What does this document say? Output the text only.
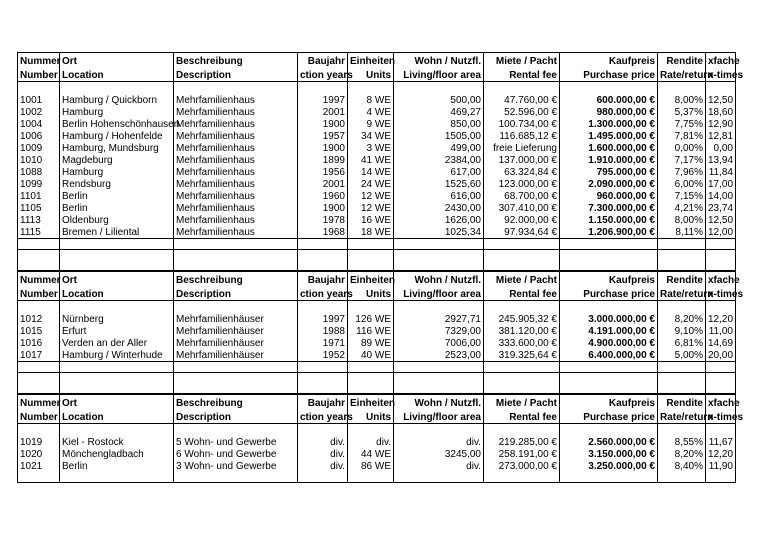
Nummer	Ort	Beschreibung	Baujahr	Einheiten	Wohn / Nutzfl.	Miete / Pacht	Kaufpreis	Rendite	xfache
Number	Location	Description	ction years	Units	Living/floor area	Rental fee	Purchase price	Rate/return	x-times

1001	Hamburg / Quickborn	Mehrfamilienhaus	1997	8 WE	500,00	47.760,00 €	600.000,00 €	8,00%	12,50
1002	Hamburg	Mehrfamilienhaus	2001	4 WE	469,27	52.596,00 €	980.000,00 €	5,37%	18,60
1004	Berlin Hohenschönhausen	Mehrfamilienhaus	1900	9 WE	850,00	100.734,00 €	1.300.000,00 €	7,75%	12,90
1006	Hamburg / Hohenfelde	Mehrfamilienhaus	1957	34 WE	1505,00	116.685,12 €	1.495.000,00 €	7,81%	12,81
1009	Hamburg, Mundsburg	Mehrfamilienhaus	1900	3 WE	499,00	freie Lieferung	1.600.000,00 €	0,00%	0,00
1010	Magdeburg	Mehrfamilienhaus	1899	41 WE	2384,00	137.000,00 €	1.910.000,00 €	7,17%	13,94
1088	Hamburg	Mehrfamilienhaus	1956	14 WE	617,00	63.324,84 €	795.000,00 €	7,96%	11,84
1099	Rendsburg	Mehrfamilienhaus	2001	24 WE	1525,60	123.000,00 €	2.090.000,00 €	6,00%	17,00
1101	Berlin	Mehrfamilienhaus	1960	12 WE	616,00	68.700,00 €	960.000,00 €	7,15%	14,00
1105	Berlin	Mehrfamilienhaus	1900	12 WE	2430,00	307.410,00 €	7.300.000,00 €	4,21%	23,74
1113	Oldenburg	Mehrfamilienhaus	1978	16 WE	1626,00	92.000,00 €	1.150.000,00 €	8,00%	12,50
1115	Bremen / Liliental	Mehrfamilienhaus	1968	18 WE	1025,34	97.934,64 €	1.206.900,00 €	8,11%	12,00

Nummer	Ort	Beschreibung	Baujahr	Einheiten	Wohn / Nutzfl.	Miete / Pacht	Kaufpreis	Rendite	xfache
Number	Location	Description	ction years	Units	Living/floor area	Rental fee	Purchase price	Rate/return	x-times

1012	Nürnberg	Mehrfamilienhäuser	1997	126 WE	2927,71	245.905,32 €	3.000.000,00 €	8,20%	12,20
1015	Erfurt	Mehrfamilienhäuser	1988	116 WE	7329,00	381.120,00 €	4.191.000,00 €	9,10%	11,00
1016	Verden an der Aller	Mehrfamilienhäuser	1971	89 WE	7006,00	333.600,00 €	4.900.000,00 €	6,81%	14,69
1017	Hamburg / Winterhude	Mehrfamilienhäuser	1952	40 WE	2523,00	319.325,64 €	6.400.000,00 €	5,00%	20,00

Nummer	Ort	Beschreibung	Baujahr	Einheiten	Wohn / Nutzfl.	Miete / Pacht	Kaufpreis	Rendite	xfache
Number	Location	Description	ction years	Units	Living/floor area	Rental fee	Purchase price	Rate/return	x-times

1019	Kiel - Rostock	5 Wohn- und Gewerbe	div.	div.	div.	219.285,00 €	2.560.000,00 €	8,55%	11,67
1020	Mönchengladbach	6 Wohn- und Gewerbe	div.	44 WE	3245,00	258.191,00 €	3.150.000,00 €	8,20%	12,20
1021	Berlin	3 Wohn- und Gewerbe	div.	86 WE	div.	273.000,00 €	3.250.000,00 €	8,40%	11,90
